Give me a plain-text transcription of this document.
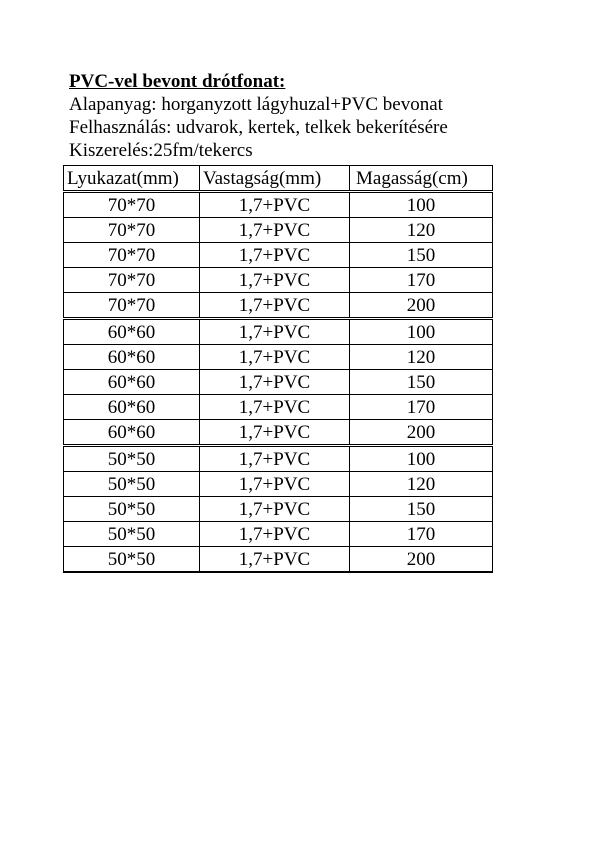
PVC-vel bevont drótfonat:

Alapanyag: horganyzott lágyhuzal+PVC bevonat

Felhasználás: udvarok, kertek, telkek bekerítésére

Kiszerelés:25fm/tekercs

Lyukazat(mm)	Vastagság(mm)	Magasság(cm)
70*70	1,7+PVC	100
70*70	1,7+PVC	120
70*70	1,7+PVC	150
70*70	1,7+PVC	170
70*70	1,7+PVC	200
60*60	1,7+PVC	100
60*60	1,7+PVC	120
60*60	1,7+PVC	150
60*60	1,7+PVC	170
60*60	1,7+PVC	200
50*50	1,7+PVC	100
50*50	1,7+PVC	120
50*50	1,7+PVC	150
50*50	1,7+PVC	170
50*50	1,7+PVC	200
